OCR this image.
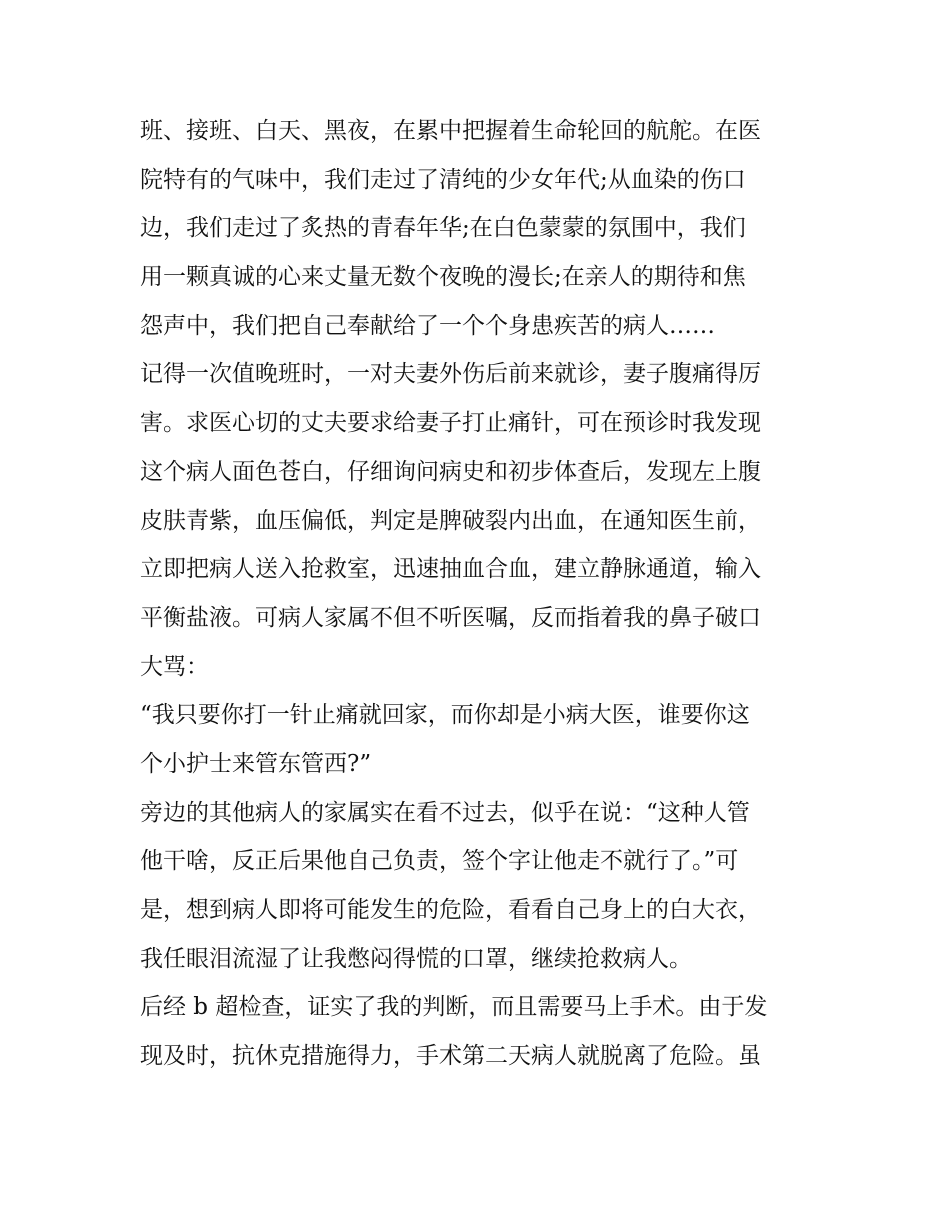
班、接班、白天、黑夜，在累中把握着生命轮回的航舵。在医
院特有的气味中，我们走过了清纯的少女年代;从血染的伤口
边，我们走过了炙热的青春年华;在白色蒙蒙的氛围中，我们
用一颗真诚的心来丈量无数个夜晚的漫长;在亲人的期待和焦
怨声中，我们把自己奉献给了一个个身患疾苦的病人……
记得一次值晚班时，一对夫妻外伤后前来就诊，妻子腹痛得厉
害。求医心切的丈夫要求给妻子打止痛针，可在预诊时我发现
这个病人面色苍白，仔细询问病史和初步体查后，发现左上腹
皮肤青紫，血压偏低，判定是脾破裂内出血，在通知医生前，
立即把病人送入抢救室，迅速抽血合血，建立静脉通道，输入
平衡盐液。可病人家属不但不听医嘱，反而指着我的鼻子破口
大骂：
“我只要你打一针止痛就回家，而你却是小病大医，谁要你这
个小护士来管东管西?”
旁边的其他病人的家属实在看不过去，似乎在说：“这种人管
他干啥，反正后果他自己负责，签个字让他走不就行了。”可
是，想到病人即将可能发生的危险，看看自己身上的白大衣，
我任眼泪流湿了让我憋闷得慌的口罩，继续抢救病人。
后经 b 超检查，证实了我的判断，而且需要马上手术。由于发
现及时，抗休克措施得力，手术第二天病人就脱离了危险。虽
